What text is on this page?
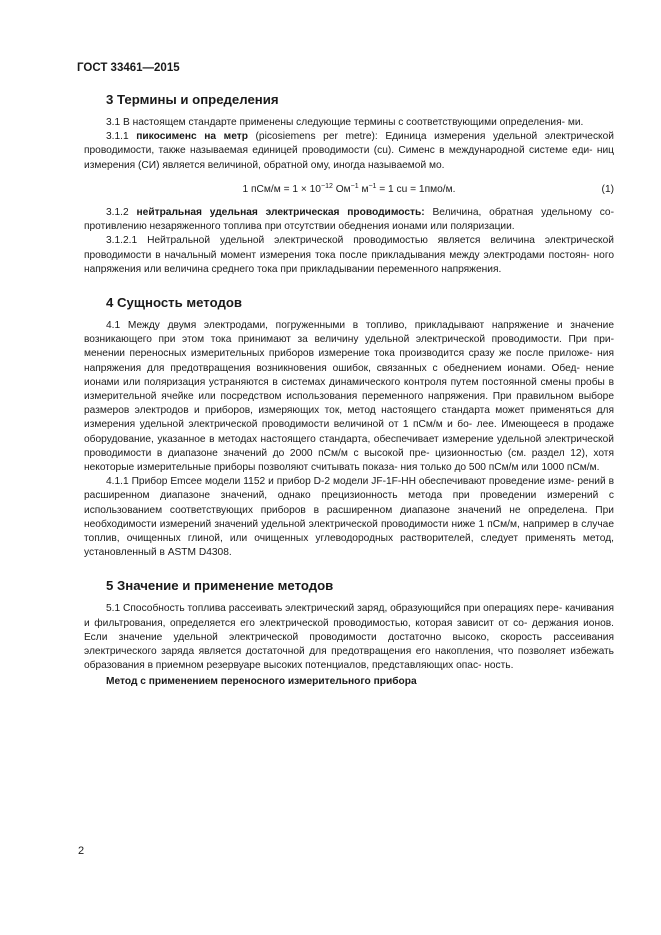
ГОСТ 33461—2015
3 Термины и определения

3.1 В настоящем стандарте применены следующие термины с соответствующими определения- ми.

3.1.1 пикосименс на метр (picosiemens per metre): Единица измерения удельной электрической проводимости, также называемая единицей проводимости (cu). Сименс в международной системе еди- ниц измерения (СИ) является величиной, обратной ому, иногда называемой мо.

1 $пСм/м = 1 \times 10^{-12}$ $Ом^{-1}$ $м^{-1} = 1$ cu = 1пмо/м.	(1)

3.1.2 нейтральная удельная электрическая проводимость: Величина, обратная удельному со- противлению незаряженного топлива при отсутствии обеднения ионами или поляризации.

3.1.2.1 Нейтральной удельной электрической проводимостью является величина электрической проводимости в начальный момент измерения тока после прикладывания между электродами постоян- ного напряжения или величина среднего тока при прикладывании переменного напряжения.

4 Сущность методов

4.1 Между двумя электродами, погруженными в топливо, прикладывают напряжение и значение возникающего при этом тока принимают за величину удельной электрической проводимости. При при- менении переносных измерительных приборов измерение тока производится сразу же после приложе- ния напряжения для предотвращения возникновения ошибок, связанных с обеднением ионами. Обед- нение ионами или поляризация устраняются в системах динамического контроля путем постоянной смены пробы в измерительной ячейке или посредством использования переменного напряжения. При правильном выборе размеров электродов и приборов, измеряющих ток, метод настоящего стандарта может применяться для измерения удельной электрической проводимости величиной от 1 пСм/м и бо- лее. Имеющееся в продаже оборудование, указанное в методах настоящего стандарта, обеспечивает измерение удельной электрической проводимости в диапазоне значений до 2000 пСм/м с высокой пре- цизионностью (см. раздел 12), хотя некоторые измерительные приборы позволяют считывать показа- ния только до 500 пСм/м или 1000 пСм/м.

4.1.1 Прибор Emcee модели 1152 и прибор D-2 модели JF-1F-HH обеспечивают проведение изме- рений в расширенном диапазоне значений, однако прецизионность метода при проведении измерений с использованием соответствующих приборов в расширенном диапазоне значений не определена. При необходимости измерений значений удельной электрической проводимости ниже 1 пСм/м, например в случае топлив, очищенных глиной, или очищенных углеводородных растворителей, следует применять метод, установленный в ASTM D4308.

5 Значение и применение методов

5.1 Способность топлива рассеивать электрический заряд, образующийся при операциях пере- качивания и фильтрования, определяется его электрической проводимостью, которая зависит от со- держания ионов. Если значение удельной электрической проводимости достаточно высоко, скорость рассеивания электрического заряда является достаточной для предотвращения его накопления, что позволяет избежать образования в приемном резервуаре высоких потенциалов, представляющих опас- ность.

Метод с применением переносного измерительного прибора

2
